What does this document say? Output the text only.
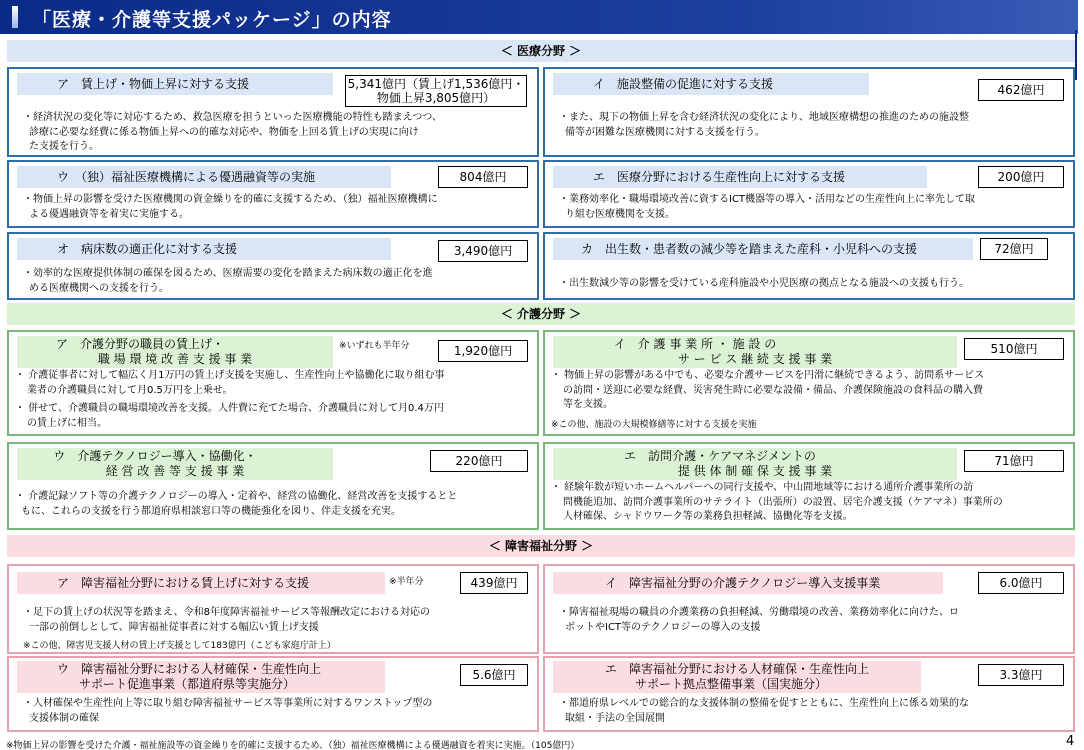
「医療・介護等支援パッケージ」の内容
＜ 医療分野 ＞
ア　賃上げ・物価上昇に対する支援	5,341億円（賃上げ1,536億円・
物価上昇3,805億円）

・経済状況の変化等に対応するため、救急医療を担うといった医療機能の特性も踏まえつつ、

診療に必要な経費に係る物価上昇への的確な対応や、物価を上回る賃上げの実現に向け

た支援を行う。

イ　施設整備の促進に対する支援	462億円

・また、現下の物価上昇を含む経済状況の変化により、地域医療構想の推進のための施設整

備等が困難な医療機関に対する支援を行う。

ウ　（独）福祉医療機構による優遇融資等の実施	804億円

・物価上昇の影響を受けた医療機関の資金繰りを的確に支援するため、（独）福祉医療機構に

よる優遇融資等を着実に実施する。

エ　医療分野における生産性向上に対する支援	200億円

・業務効率化・職場環境改善に資するICT機器等の導入・活用などの生産性向上に率先して取

り組む医療機関を支援。

オ　病床数の適正化に対する支援	3,490億円

・効率的な医療提供体制の確保を図るため、医療需要の変化を踏まえた病床数の適正化を進

める医療機関への支援を行う。

カ　出生数・患者数の減少等を踏まえた産科・小児科への支援	72億円

・出生数減少等の影響を受けている産科施設や小児医療の拠点となる施設への支援も行う。

＜ 介護分野 ＞
ア　介護分野の職員の賃上げ・
職 場 環 境 改 善 支 援 事 業
※いずれも半年分	1,920億円

・ 介護従事者に対して幅広く月1万円の賃上げ支援を実施し、生産性向上や協働化に取り組む事

業者の介護職員に対して月0.5万円を上乗せ。

・ 併せて、介護職員の職場環境改善を支援。人件費に充てた場合、介護職員に対して月0.4万円

の賃上げに相当。

イ　介 護 事 業 所 ・ 施 設 の
サ ー ビ ス 継 続 支 援 事 業
510億円

・ 物価上昇の影響がある中でも、必要な介護サービスを円滑に継続できるよう、訪問系サービス

の訪問・送迎に必要な経費、災害発生時に必要な設備・備品、介護保険施設の食料品の購入費

等を支援。

※この他、施設の大規模修繕等に対する支援を実施
ウ　介護テクノロジー導入・協働化・
経 営 改 善 等 支 援 事 業
220億円

・ 介護記録ソフト等の介護テクノロジーの導入・定着や、経営の協働化、経営改善を支援するとと

もに、これらの支援を行う都道府県相談窓口等の機能強化を図り、伴走支援を充実。

エ　訪問介護・ケアマネジメントの
提 供 体 制 確 保 支 援 事 業
71億円

・ 経験年数が短いホームヘルパーへの同行支援や、中山間地域等における通所介護事業所の訪

問機能追加、訪問介護事業所のサテライト（出張所）の設置、居宅介護支援（ケアマネ）事業所の

人材確保、シャドウワーク等の業務負担軽減、協働化等を支援。

＜ 障害福祉分野 ＞
ア　障害福祉分野における賃上げに対する支援	※半年分	439億円

・足下の賃上げの状況等を踏まえ、令和8年度障害福祉サービス等報酬改定における対応の

一部の前倒しとして、障害福祉従事者に対する幅広い賃上げ支援

※この他、障害児支援人材の賃上げ支援として183億円（こども家庭庁計上）
イ　障害福祉分野の介護テクノロジー導入支援事業	6.0億円

・障害福祉現場の職員の介護業務の負担軽減、労働環境の改善、業務効率化に向けた、ロ

ボットやICT等のテクノロジーの導入の支援

ウ　障害福祉分野における人材確保・生産性向上
サポート促進事業（都道府県等実施分）
5.6億円

・人材確保や生産性向上等に取り組む障害福祉サービス等事業所に対するワンストップ型の

支援体制の確保

エ　障害福祉分野における人材確保・生産性向上
サポート拠点整備事業（国実施分）
3.3億円

・都道府県レベルでの総合的な支援体制の整備を促すとともに、生産性向上に係る効果的な

取組・手法の全国展開

※物価上昇の影響を受けた介護・福祉施設等の資金繰りを的確に支援するため、（独）福祉医療機構による優遇融資を着実に実施。（105億円）	4
